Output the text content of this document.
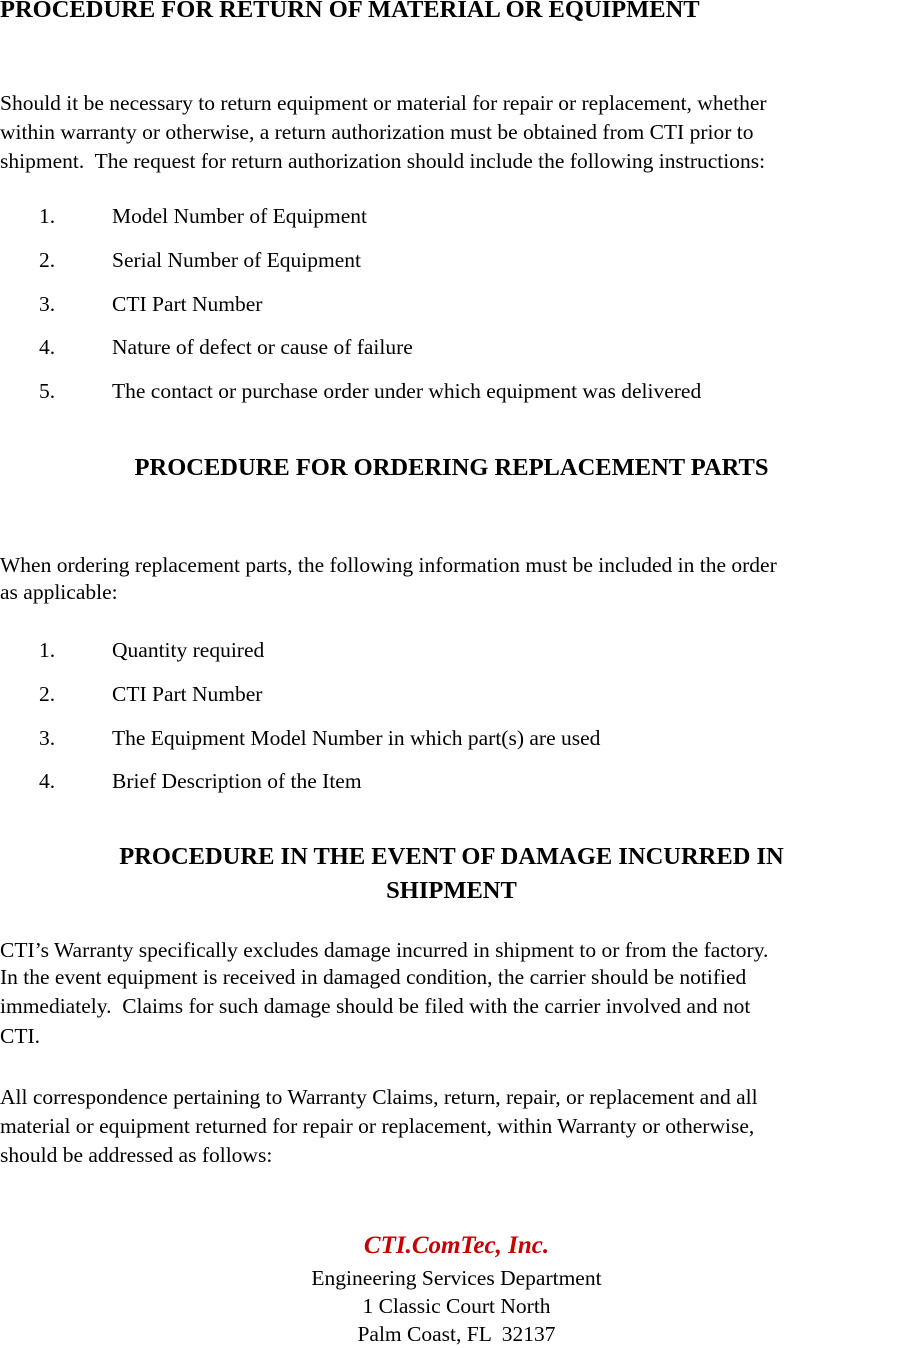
PROCEDURE FOR RETURN OF MATERIAL OR EQUIPMENT

Should it be necessary to return equipment or material for repair or replacement, whether
within warranty or otherwise, a return authorization must be obtained from CTI prior to
shipment.  The request for return authorization should include the following instructions:

1.	Model Number of Equipment
2.	Serial Number of Equipment
3.	CTI Part Number
4.	Nature of defect or cause of failure
5.	The contact or purchase order under which equipment was delivered
PROCEDURE FOR ORDERING REPLACEMENT PARTS

When ordering replacement parts, the following information must be included in the order
as applicable:

1.	Quantity required
2.	CTI Part Number
3.	The Equipment Model Number in which part(s) are used
4.	Brief Description of the Item
PROCEDURE IN THE EVENT OF DAMAGE INCURRED IN
SHIPMENT

CTI’s Warranty specifically excludes damage incurred in shipment to or from the factory.
In the event equipment is received in damaged condition, the carrier should be notified
immediately.  Claims for such damage should be filed with the carrier involved and not
CTI.

All correspondence pertaining to Warranty Claims, return, repair, or replacement and all
material or equipment returned for repair or replacement, within Warranty or otherwise,
should be addressed as follows:

CTI.ComTec, Inc.
Engineering Services Department
1 Classic Court North
Palm Coast, FL  32137
